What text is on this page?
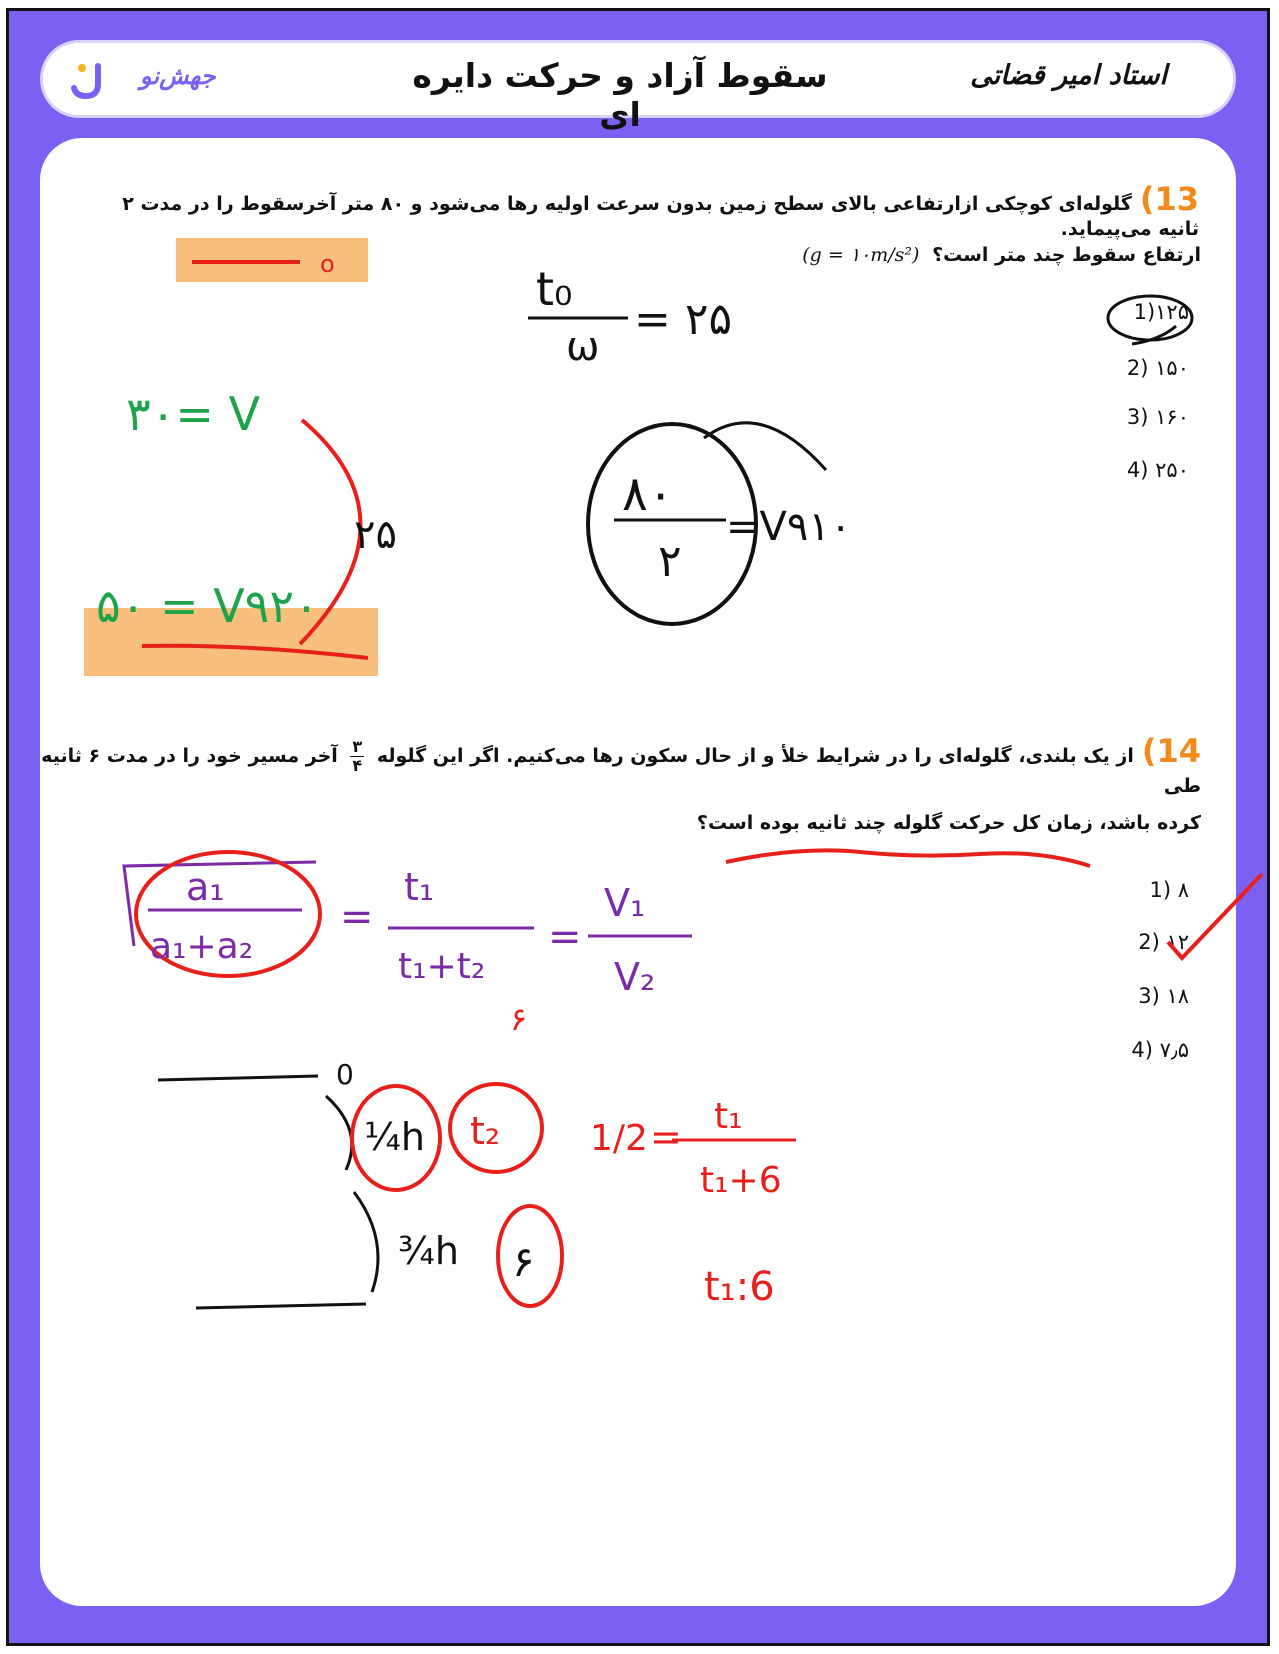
جهش‌نو	سقوط آزاد و حرکت دایره ای
استاد امیر قضاتی
13)گلوله‌ای کوچکی ازارتفاعی بالای سطح زمین بدون سرعت اولیه رها می‌شود و ۸۰ متر آخرسقوط را در مدت ۲ ثانیه می‌پیماید.
ارتفاع سقوط چند متر است؟ (g = ۱۰m/s²)
۱۲۵(1
۱۵۰ (2
۱۶۰ (3
۲۵۰ (4
14)از یک بلندی، گلوله‌ای را در شرایط خلأ و از حال سکون رها می‌کنیم. اگر این گلوله
۳
۴
آخر مسیر خود را در مدت ۶ ثانیه طی
کرده باشد، زمان کل حرکت گلوله چند ثانیه بوده است؟
۸ (1
۱۲ (2
۱۸ (3
۷٫۵ (4
o	t₀
ω
= ۲۵
۳۰= V
۲۵
۵۰ = V۹۲۰
۸۰
۲
=V۹۱۰
a₁
a₁+a₂
=
t₁
t₁+t₂
۶
=
V₁
V₂
0
¼h t₂
¾h ۶
1/2 = t₁
t₁+6
t₁:6
